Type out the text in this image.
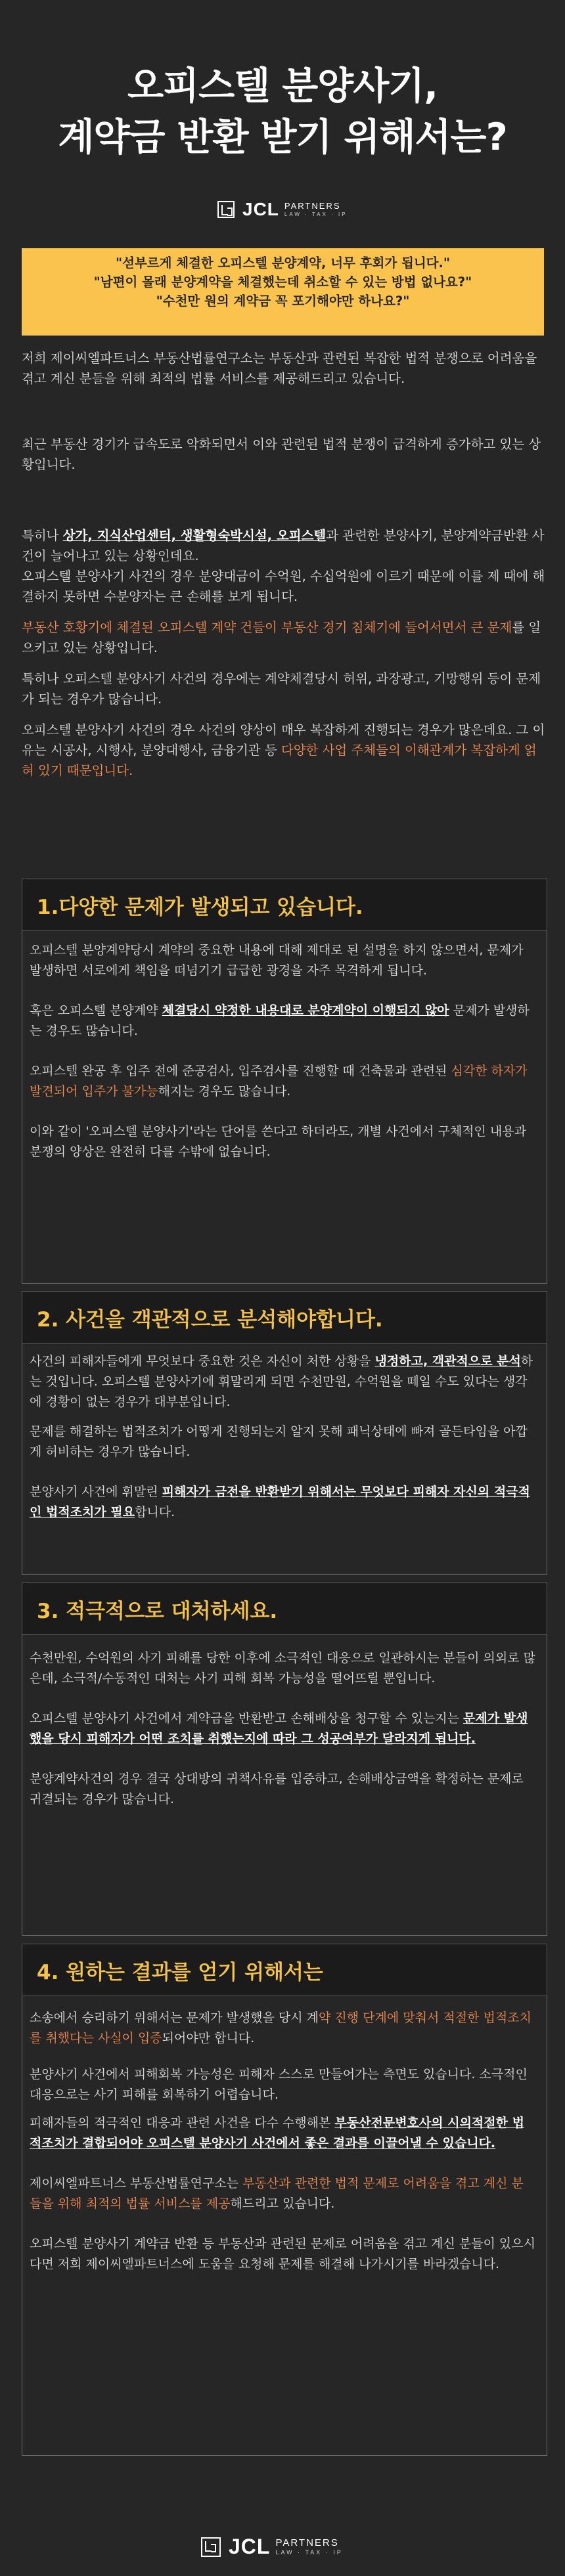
오피스텔 분양사기,
계약금 반환 받기 위해서는?
JCL PARTNERS
LAW · TAX · IP
"섣부르게 체결한 오피스텔 분양계약, 너무 후회가 됩니다."
"남편이 몰래 분양계약을 체결했는데 취소할 수 있는 방법 없나요?"
"수천만 원의 계약금 꼭 포기해야만 하나요?"
저희 제이씨엘파트너스 부동산법률연구소는 부동산과 관련된 복잡한 법적 분쟁으로 어려움을 겪고 계신 분들을 위해 최적의 법률 서비스를 제공해드리고 있습니다.
최근 부동산 경기가 급속도로 악화되면서 이와 관련된 법적 분쟁이 급격하게 증가하고 있는 상황입니다.
특히나 상가, 지식산업센터, 생활형숙박시설, 오피스텔과 관련한 분양사기, 분양계약금반환 사건이 늘어나고 있는 상황인데요.
오피스텔 분양사기 사건의 경우 분양대금이 수억원, 수십억원에 이르기 때문에 이를 제 때에 해결하지 못하면 수분양자는 큰 손해를 보게 됩니다.
부동산 호황기에 체결된 오피스텔 계약 건들이 부동산 경기 침체기에 들어서면서 큰 문제를 일으키고 있는 상황입니다.
특히나 오피스텔 분양사기 사건의 경우에는 계약체결당시 허위, 과장광고, 기망행위 등이 문제가 되는 경우가 많습니다.
오피스텔 분양사기 사건의 경우 사건의 양상이 매우 복잡하게 진행되는 경우가 많은데요. 그 이유는 시공사, 시행사, 분양대행사, 금융기관 등 다양한 사업 주체들의 이해관계가 복잡하게 얽혀 있기 때문입니다.
1.다양한 문제가 발생되고 있습니다.
오피스텔 분양계약당시 계약의 중요한 내용에 대해 제대로 된 설명을 하지 않으면서, 문제가 발생하면 서로에게 책임을 떠넘기기 급급한 광경을 자주 목격하게 됩니다.
혹은 오피스텔 분양계약 체결당시 약정한 내용대로 분양계약이 이행되지 않아 문제가 발생하는 경우도 많습니다.
오피스텔 완공 후 입주 전에 준공검사, 입주검사를 진행할 때 건축물과 관련된 심각한 하자가 발견되어 입주가 불가능해지는 경우도 많습니다.
이와 같이 '오피스텔 분양사기'라는 단어를 쓴다고 하더라도, 개별 사건에서 구체적인 내용과 분쟁의 양상은 완전히 다를 수밖에 없습니다.
2. 사건을 객관적으로 분석해야합니다.
사건의 피해자들에게 무엇보다 중요한 것은 자신이 처한 상황을 냉정하고, 객관적으로 분석하는 것입니다. 오피스텔 분양사기에 휘말리게 되면 수천만원, 수억원을 떼일 수도 있다는 생각에 경황이 없는 경우가 대부분입니다.
문제를 해결하는 법적조치가 어떻게 진행되는지 알지 못해 패닉상태에 빠져 골든타임을 아깝게 허비하는 경우가 많습니다.
분양사기 사건에 휘말린 피해자가 금전을 반환받기 위해서는 무엇보다 피해자 자신의 적극적인 법적조치가 필요합니다.
3. 적극적으로 대처하세요.
수천만원, 수억원의 사기 피해를 당한 이후에 소극적인 대응으로 일관하시는 분들이 의외로 많은데, 소극적/수동적인 대처는 사기 피해 회복 가능성을 떨어뜨릴 뿐입니다.
오피스텔 분양사기 사건에서 계약금을 반환받고 손해배상을 청구할 수 있는지는 문제가 발생했을 당시 피해자가 어떤 조치를 취했는지에 따라 그 성공여부가 달라지게 됩니다.
분양계약사건의 경우 결국 상대방의 귀책사유를 입증하고, 손해배상금액을 확정하는 문제로 귀결되는 경우가 많습니다.
4. 원하는 결과를 얻기 위해서는
소송에서 승리하기 위해서는 문제가 발생했을 당시 계약 진행 단계에 맞춰서 적절한 법적조치를 취했다는 사실이 입증되어야만 합니다.
분양사기 사건에서 피해회복 가능성은 피해자 스스로 만들어가는 측면도 있습니다. 소극적인 대응으로는 사기 피해를 회복하기 어렵습니다.
피해자들의 적극적인 대응과 관련 사건을 다수 수행해본 부동산전문변호사의 시의적절한 법적조치가 결합되어야 오피스텔 분양사기 사건에서 좋은 결과를 이끌어낼 수 있습니다.
제이씨엘파트너스 부동산법률연구소는 부동산과 관련한 법적 문제로 어려움을 겪고 계신 분들을 위해 최적의 법률 서비스를 제공해드리고 있습니다.
오피스텔 분양사기 계약금 반환 등 부동산과 관련된 문제로 어려움을 겪고 계신 분들이 있으시다면 저희 제이씨엘파트너스에 도움을 요청해 문제를 해결해 나가시기를 바라겠습니다.
JCL PARTNERS
LAW · TAX · IP
